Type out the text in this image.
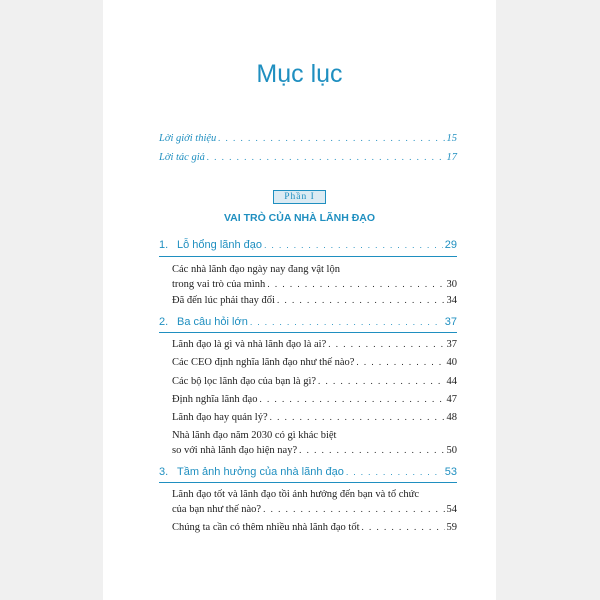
Mục lục
Lời giới thiệu . . .	15
Lời tác giả . . .	17
Phần I
VAI TRÒ CỦA NHÀ LÃNH ĐẠO
1. Lỗ hổng lãnh đạo . . .	29
Các nhà lãnh đạo ngày nay đang vật lộn
trong vai trò của mình . . .	30
Đã đến lúc phải thay đổi . . .	34
2. Ba câu hỏi lớn . . .	37
Lãnh đạo là gì và nhà lãnh đạo là ai? . . .	37
Các CEO định nghĩa lãnh đạo như thế nào? . . .	40
Các bộ lọc lãnh đạo của bạn là gì? . . .	44
Định nghĩa lãnh đạo . . .	47
Lãnh đạo hay quản lý? . . .	48
Nhà lãnh đạo năm 2030 có gì khác biệt
so với nhà lãnh đạo hiện nay? . . .	50
3. Tầm ảnh hưởng của nhà lãnh đạo . . .	53
Lãnh đạo tốt và lãnh đạo tồi ảnh hưởng đến bạn và tổ chức
của bạn như thế nào? . . .	54
Chúng ta cần có thêm nhiều nhà lãnh đạo tốt . . .	59
